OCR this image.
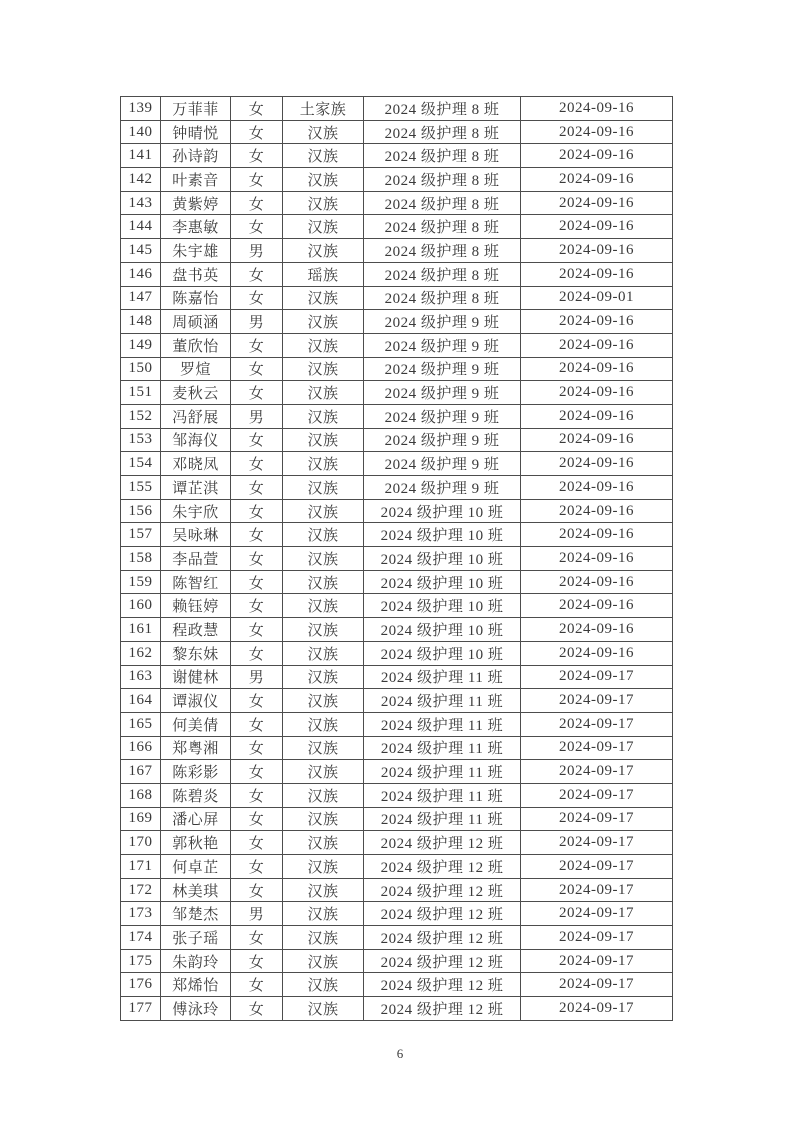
139	万菲菲	女	土家族	2024 级护理 8 班	2024-09-16
140	钟晴悦	女	汉族	2024 级护理 8 班	2024-09-16
141	孙诗韵	女	汉族	2024 级护理 8 班	2024-09-16
142	叶素音	女	汉族	2024 级护理 8 班	2024-09-16
143	黄紫婷	女	汉族	2024 级护理 8 班	2024-09-16
144	李惠敏	女	汉族	2024 级护理 8 班	2024-09-16
145	朱宇雄	男	汉族	2024 级护理 8 班	2024-09-16
146	盘书英	女	瑶族	2024 级护理 8 班	2024-09-16
147	陈嘉怡	女	汉族	2024 级护理 8 班	2024-09-01
148	周硕涵	男	汉族	2024 级护理 9 班	2024-09-16
149	董欣怡	女	汉族	2024 级护理 9 班	2024-09-16
150	罗煊	女	汉族	2024 级护理 9 班	2024-09-16
151	麦秋云	女	汉族	2024 级护理 9 班	2024-09-16
152	冯舒展	男	汉族	2024 级护理 9 班	2024-09-16
153	邹海仪	女	汉族	2024 级护理 9 班	2024-09-16
154	邓晓凤	女	汉族	2024 级护理 9 班	2024-09-16
155	谭芷淇	女	汉族	2024 级护理 9 班	2024-09-16
156	朱宇欣	女	汉族	2024 级护理 10 班	2024-09-16
157	吴咏琳	女	汉族	2024 级护理 10 班	2024-09-16
158	李品萱	女	汉族	2024 级护理 10 班	2024-09-16
159	陈智红	女	汉族	2024 级护理 10 班	2024-09-16
160	赖钰婷	女	汉族	2024 级护理 10 班	2024-09-16
161	程政慧	女	汉族	2024 级护理 10 班	2024-09-16
162	黎东妹	女	汉族	2024 级护理 10 班	2024-09-16
163	谢健林	男	汉族	2024 级护理 11 班	2024-09-17
164	谭淑仪	女	汉族	2024 级护理 11 班	2024-09-17
165	何美倩	女	汉族	2024 级护理 11 班	2024-09-17
166	郑粤湘	女	汉族	2024 级护理 11 班	2024-09-17
167	陈彩影	女	汉族	2024 级护理 11 班	2024-09-17
168	陈碧炎	女	汉族	2024 级护理 11 班	2024-09-17
169	潘心屏	女	汉族	2024 级护理 11 班	2024-09-17
170	郭秋艳	女	汉族	2024 级护理 12 班	2024-09-17
171	何卓芷	女	汉族	2024 级护理 12 班	2024-09-17
172	林美琪	女	汉族	2024 级护理 12 班	2024-09-17
173	邹楚杰	男	汉族	2024 级护理 12 班	2024-09-17
174	张子瑶	女	汉族	2024 级护理 12 班	2024-09-17
175	朱韵玲	女	汉族	2024 级护理 12 班	2024-09-17
176	郑烯怡	女	汉族	2024 级护理 12 班	2024-09-17
177	傅泳玲	女	汉族	2024 级护理 12 班	2024-09-17
6
